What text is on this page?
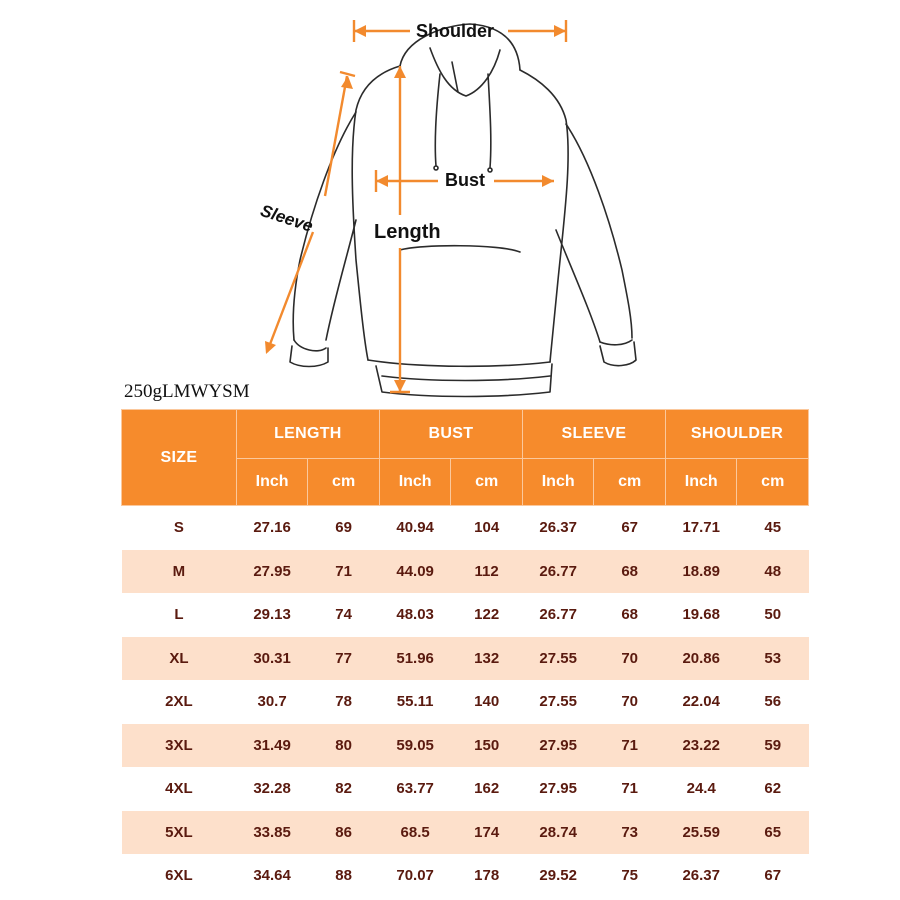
Shoulder
Bust
Length
Sleeve
250gLMWYSM
SIZE	LENGTH		BUST		SLEEVE		SHOULDER	
	Inch	cm	Inch	cm	Inch	cm	Inch	cm
S	27.16	69	40.94	104	26.37	67	17.71	45
M	27.95	71	44.09	112	26.77	68	18.89	48
L	29.13	74	48.03	122	26.77	68	19.68	50
XL	30.31	77	51.96	132	27.55	70	20.86	53
2XL	30.7	78	55.11	140	27.55	70	22.04	56
3XL	31.49	80	59.05	150	27.95	71	23.22	59
4XL	32.28	82	63.77	162	27.95	71	24.4	62
5XL	33.85	86	68.5	174	28.74	73	25.59	65
6XL	34.64	88	70.07	178	29.52	75	26.37	67
